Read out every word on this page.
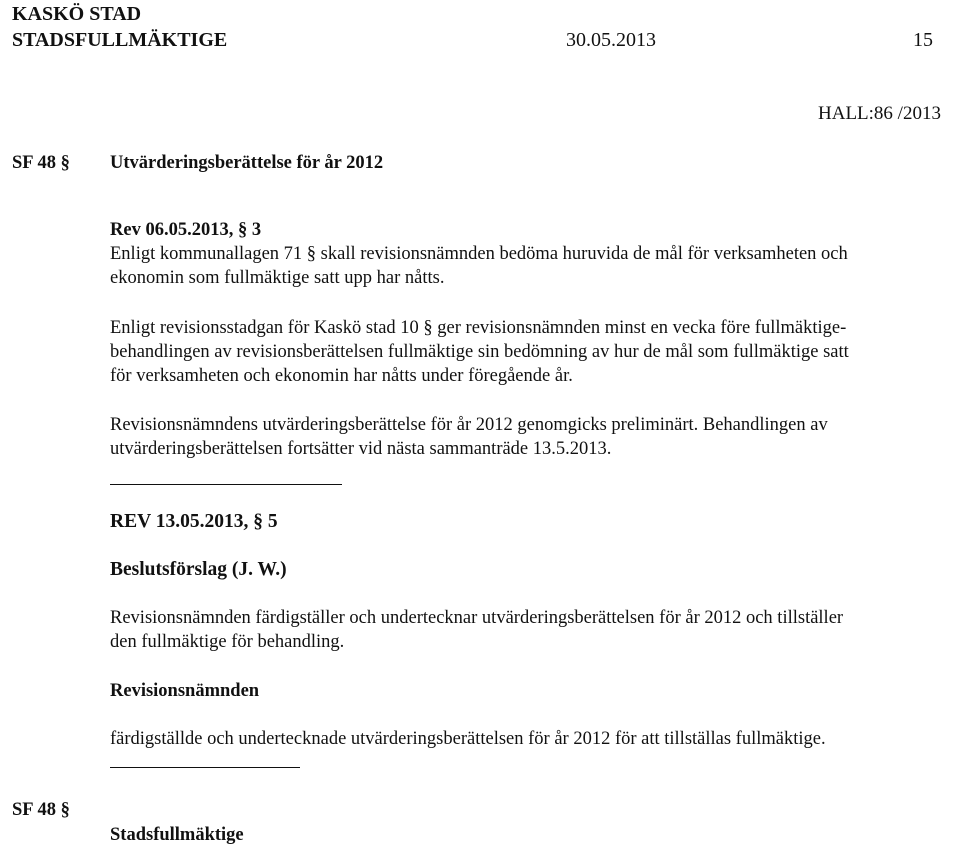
KASKÖ STAD
STADSFULLMÄKTIGE	30.05.2013	15
HALL:86 /2013
SF 48 § Utvärderingsberättelse för år 2012
Rev 06.05.2013, § 3

Enligt kommunallagen 71 § skall revisionsnämnden bedöma huruvida de mål för verksamheten och

ekonomin som fullmäktige satt upp har nåtts.

Enligt revisionsstadgan för Kaskö stad 10 § ger revisionsnämnden minst en vecka före fullmäktige-

behandlingen av revisionsberättelsen fullmäktige sin bedömning av hur de mål som fullmäktige satt

för verksamheten och ekonomin har nåtts under föregående år.

Revisionsnämndens utvärderingsberättelse för år 2012 genomgicks preliminärt. Behandlingen av

utvärderingsberättelsen fortsätter vid nästa sammanträde 13.5.2013.

REV 13.05.2013, § 5
Beslutsförslag (J. W.)

Revisionsnämnden färdigställer och undertecknar utvärderingsberättelsen för år 2012 och tillställer

den fullmäktige för behandling.

Revisionsnämnden
färdigställde och undertecknade utvärderingsberättelsen för år 2012 för att tillställas fullmäktige.
SF 48 §
Stadsfullmäktige
